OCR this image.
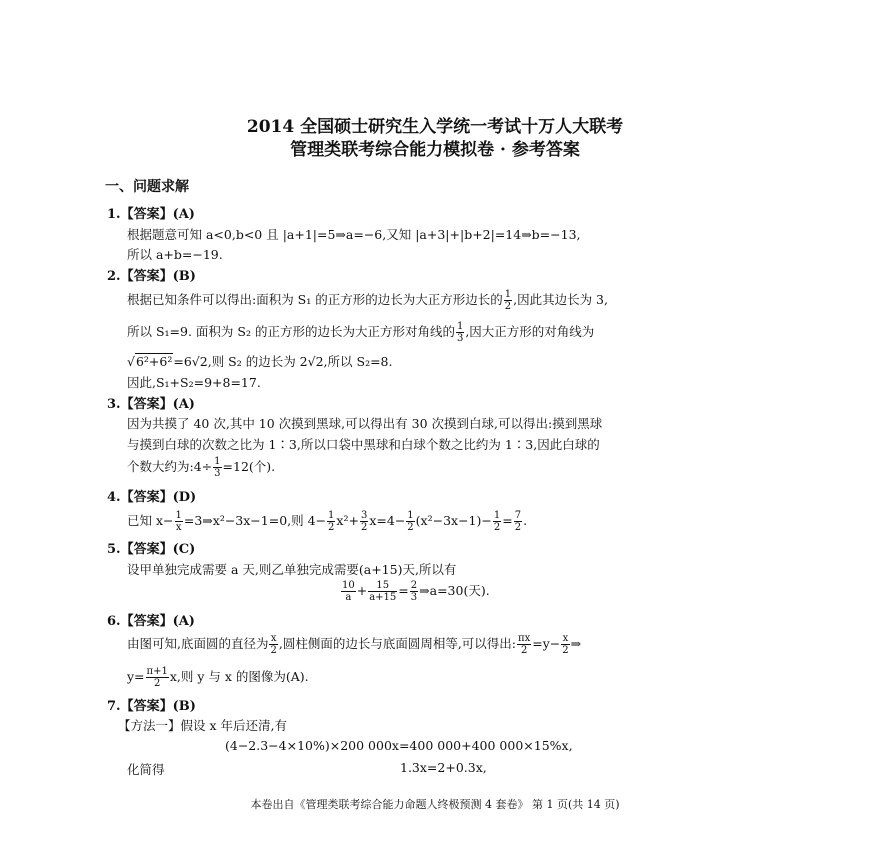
2014 全国硕士研究生入学统一考试十万人大联考
管理类联考综合能力模拟卷 · 参考答案
一、问题求解
1.【答案】(A)
根据题意可知 a<0,b<0 且 |a+1|=5⇒a=−6,又知 |a+3|+|b+2|=14⇒b=−13,
所以 a+b=−19.
2.【答案】(B)
根据已知条件可以得出:面积为 S₁ 的正方形的边长为大正方形边长的 $\frac{1}{2}$ ,因此其边长为 3,
所以 S₁=9. 面积为 S₂ 的正方形的边长为大正方形对角线的 $\frac{1}{3}$ ,因大正方形的对角线为
√6²+6²=6√2,则 S₂ 的边长为 2√2,所以 S₂=8.
因此,S₁+S₂=9+8=17.
3.【答案】(A)
因为共摸了 40 次,其中 10 次摸到黑球,可以得出有 30 次摸到白球,可以得出:摸到黑球
与摸到白球的次数之比为 1∶3,所以口袋中黑球和白球个数之比约为 1∶3,因此白球的
个数大约为:4÷ $\frac{1}{3} =12$(个).
4.【答案】(D)
已知 $x- \frac{1}{x}$ =3⇒x²−3x−1=0,则 $4- \frac{1}{2} x^2+ \frac{3}{2} x=4- \frac{1}{2} (x^2-3x-1)- \frac{1}{2} = \frac{7}{2}$ .
5.【答案】(C)
设甲单独完成需要 a 天,则乙单独完成需要(a+15)天,所以有
$\frac{10}{a} + \frac{15}{a+15} = \frac{2}{3}$ ⇒a=30(天).
6.【答案】(A)
由图可知,底面圆的直径为 $\frac{x}{2}$ ,圆柱侧面的边长与底面圆周相等,可以得出: $\frac{\pi x}{2} =y- \frac{x}{2}$ ⇒
$y= \frac{\pi+1}{2} x$,则 y 与 x 的图像为(A).
7.【答案】(B)
【方法一】假设 x 年后还清,有
(4−2.3−4×10%)×200 000x=400 000+400 000×15%x,
化简得	1.3x=2+0.3x,
本卷出自《管理类联考综合能力命题人终极预测 4 套卷》 第 1 页(共 14 页)
